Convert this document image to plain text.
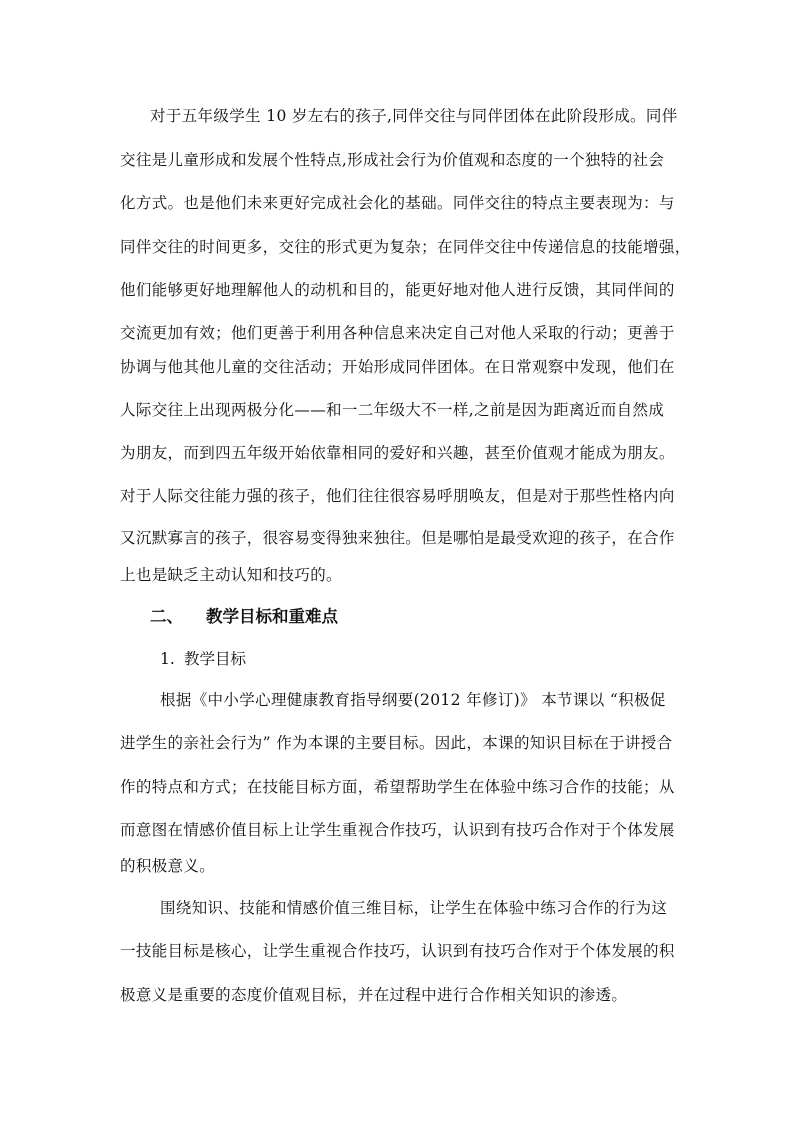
对于五年级学生 10 岁左右的孩子,同伴交往与同伴团体在此阶段形成。同伴
交往是儿童形成和发展个性特点,形成社会行为价值观和态度的一个独特的社会
化方式。也是他们未来更好完成社会化的基础。同伴交往的特点主要表现为：与
同伴交往的时间更多，交往的形式更为复杂；在同伴交往中传递信息的技能增强，
他们能够更好地理解他人的动机和目的，能更好地对他人进行反馈，其同伴间的
交流更加有效；他们更善于利用各种信息来决定自己对他人采取的行动；更善于
协调与他其他儿童的交往活动；开始形成同伴团体。在日常观察中发现，他们在
人际交往上出现两极分化——和一二年级大不一样,之前是因为距离近而自然成
为朋友，而到四五年级开始依靠相同的爱好和兴趣，甚至价值观才能成为朋友。
对于人际交往能力强的孩子，他们往往很容易呼朋唤友，但是对于那些性格内向
又沉默寡言的孩子，很容易变得独来独往。但是哪怕是最受欢迎的孩子，在合作
上也是缺乏主动认知和技巧的。
二、 教学目标和重难点
1. 教学目标
根据《中小学心理健康教育指导纲要(2012 年修订)》 本节课以 “积极促
进学生的亲社会行为” 作为本课的主要目标。因此，本课的知识目标在于讲授合
作的特点和方式；在技能目标方面，希望帮助学生在体验中练习合作的技能；从
而意图在情感价值目标上让学生重视合作技巧，认识到有技巧合作对于个体发展
的积极意义。
围绕知识、技能和情感价值三维目标，让学生在体验中练习合作的行为这
一技能目标是核心，让学生重视合作技巧，认识到有技巧合作对于个体发展的积
极意义是重要的态度价值观目标，并在过程中进行合作相关知识的渗透。
